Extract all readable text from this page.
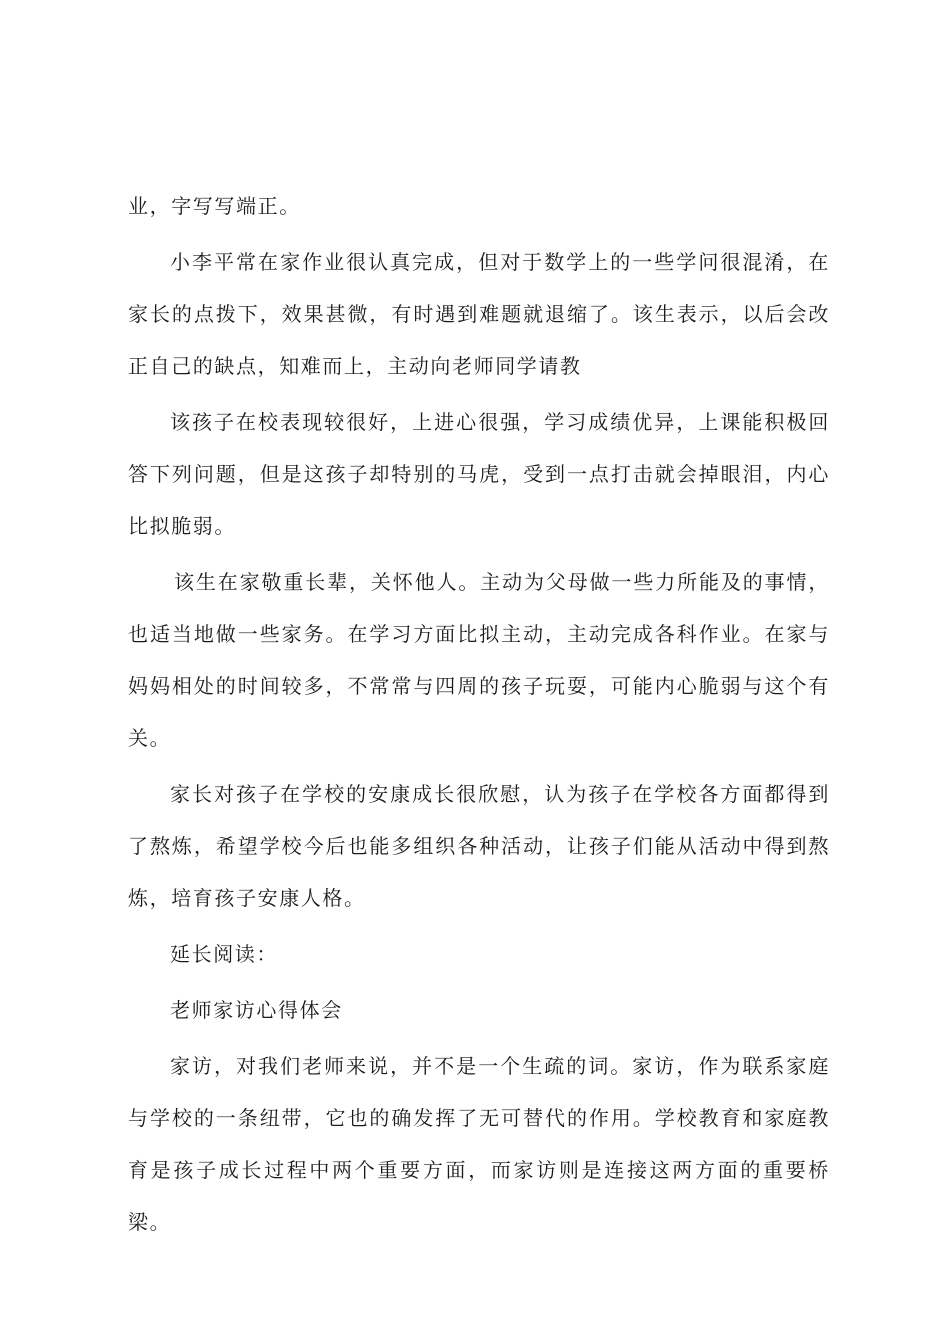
业，字写写端正。

小李平常在家作业很认真完成，但对于数学上的一些学问很混淆，在家长的点拨下，效果甚微，有时遇到难题就退缩了。该生表示，以后会改正自己的缺点，知难而上，主动向老师同学请教

该孩子在校表现较很好，上进心很强，学习成绩优异，上课能积极回答下列问题，但是这孩子却特别的马虎，受到一点打击就会掉眼泪，内心比拟脆弱。

该生在家敬重长辈，关怀他人。主动为父母做一些力所能及的事情，也适当地做一些家务。在学习方面比拟主动，主动完成各科作业。在家与妈妈相处的时间较多，不常常与四周的孩子玩耍，可能内心脆弱与这个有关。

家长对孩子在学校的安康成长很欣慰，认为孩子在学校各方面都得到了熬炼，希望学校今后也能多组织各种活动，让孩子们能从活动中得到熬炼，培育孩子安康人格。

延长阅读：

老师家访心得体会

家访，对我们老师来说，并不是一个生疏的词。家访，作为联系家庭与学校的一条纽带，它也的确发挥了无可替代的作用。学校教育和家庭教育是孩子成长过程中两个重要方面，而家访则是连接这两方面的重要桥梁。
